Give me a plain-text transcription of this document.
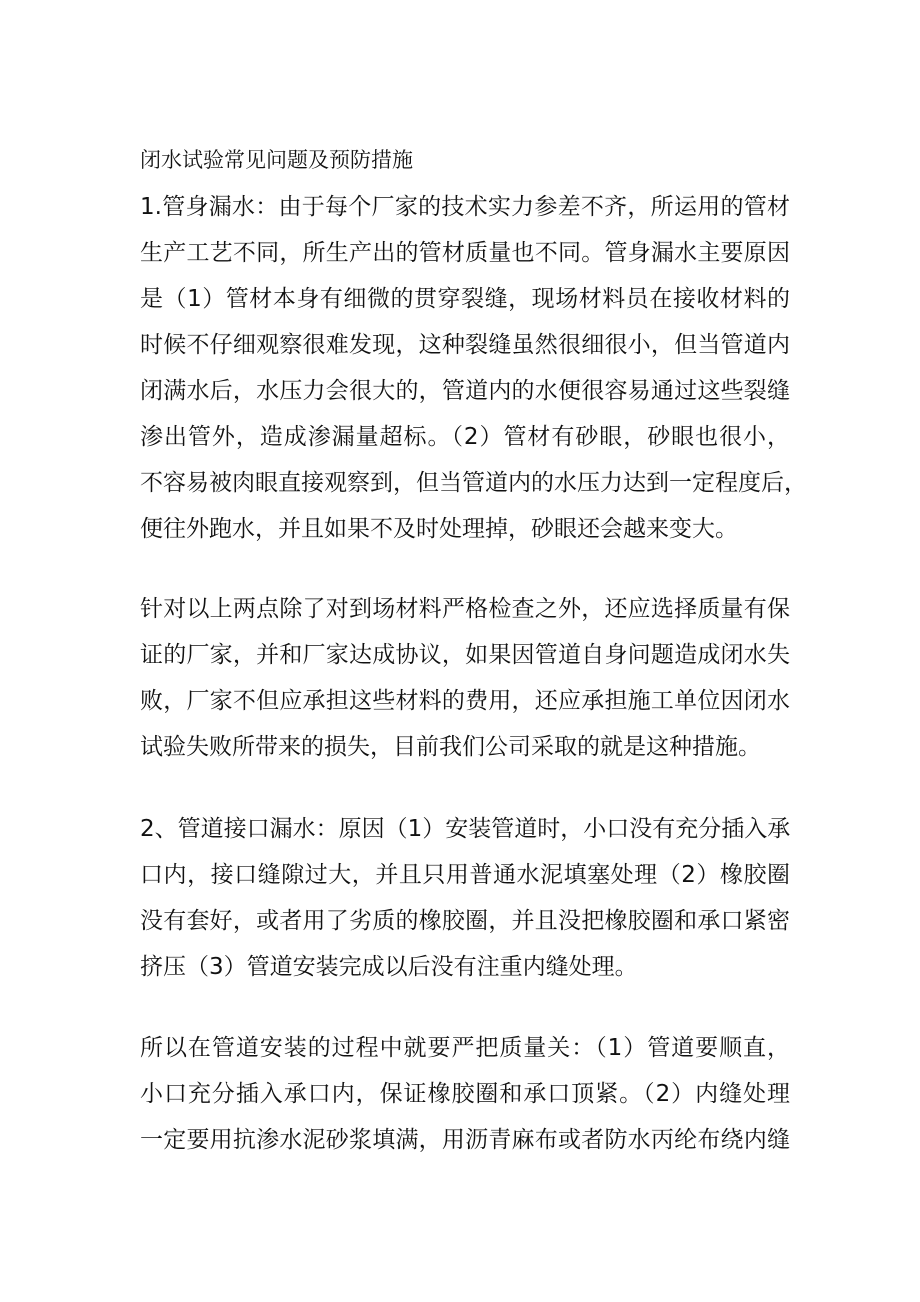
闭水试验常见问题及预防措施
1.管身漏水：由于每个厂家的技术实力参差不齐，所运用的管材
生产工艺不同，所生产出的管材质量也不同。管身漏水主要原因
是（1）管材本身有细微的贯穿裂缝，现场材料员在接收材料的
时候不仔细观察很难发现，这种裂缝虽然很细很小，但当管道内
闭满水后，水压力会很大的，管道内的水便很容易通过这些裂缝
渗出管外，造成渗漏量超标。（2）管材有砂眼，砂眼也很小，
不容易被肉眼直接观察到，但当管道内的水压力达到一定程度后，
便往外跑水，并且如果不及时处理掉，砂眼还会越来变大。
针对以上两点除了对到场材料严格检查之外，还应选择质量有保
证的厂家，并和厂家达成协议，如果因管道自身问题造成闭水失
败，厂家不但应承担这些材料的费用，还应承担施工单位因闭水
试验失败所带来的损失，目前我们公司采取的就是这种措施。
2、管道接口漏水：原因（1）安装管道时，小口没有充分插入承
口内，接口缝隙过大，并且只用普通水泥填塞处理（2）橡胶圈
没有套好，或者用了劣质的橡胶圈，并且没把橡胶圈和承口紧密
挤压（3）管道安装完成以后没有注重内缝处理。
所以在管道安装的过程中就要严把质量关：（1）管道要顺直，
小口充分插入承口内，保证橡胶圈和承口顶紧。（2）内缝处理
一定要用抗渗水泥砂浆填满，用沥青麻布或者防水丙纶布绕内缝
